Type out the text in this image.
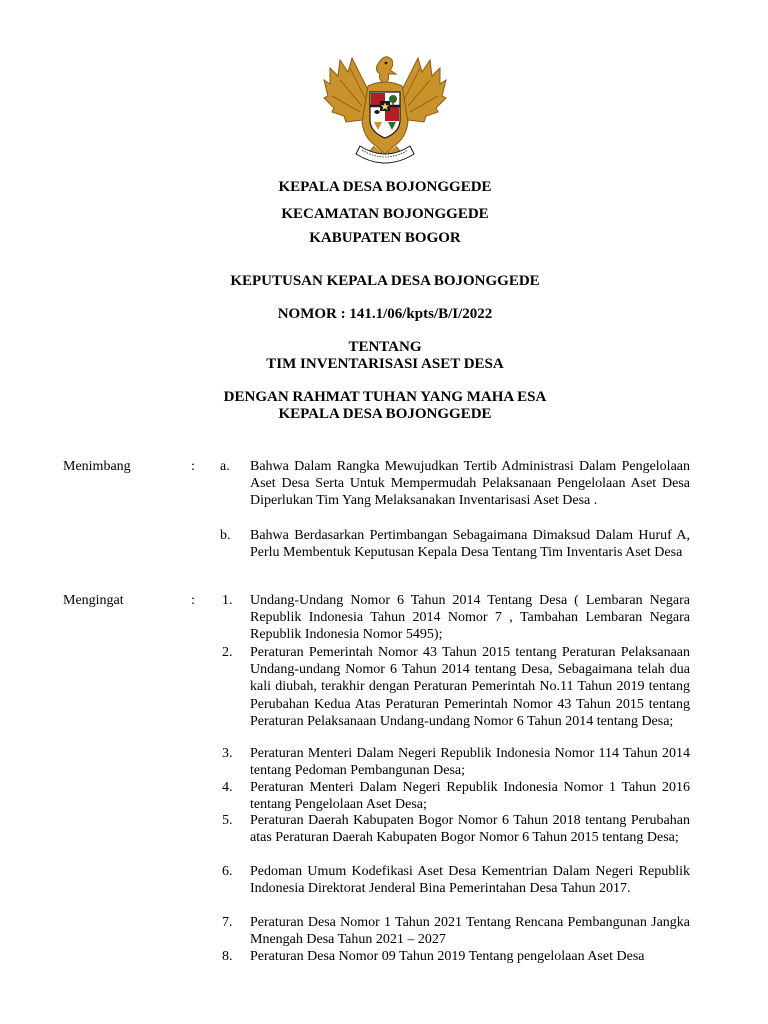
KEPALA DESA BOJONGGEDE
KECAMATAN BOJONGGEDE
KABUPATEN BOGOR
KEPUTUSAN KEPALA DESA BOJONGGEDE
NOMOR : 141.1/06/kpts/B/I/2022
TENTANG
TIM INVENTARISASI ASET DESA
DENGAN RAHMAT TUHAN YANG MAHA ESA
KEPALA DESA BOJONGGEDE
Menimbang	: a. Bahwa Dalam Rangka Mewujudkan Tertib Administrasi Dalam Pengelolaan Aset Desa Serta Untuk Mempermudah Pelaksanaan Pengelolaan Aset Desa Diperlukan Tim Yang Melaksanakan Inventarisasi Aset Desa .
b. Bahwa Berdasarkan Pertimbangan Sebagaimana Dimaksud Dalam Huruf A, Perlu Membentuk Keputusan Kepala Desa Tentang Tim Inventaris Aset Desa
Mengingat	: 1. Undang-Undang Nomor 6 Tahun 2014 Tentang Desa ( Lembaran Negara Republik Indonesia Tahun 2014 Nomor 7 , Tambahan Lembaran Negara Republik Indonesia Nomor 5495);
2. Peraturan Pemerintah Nomor 43 Tahun 2015 tentang Peraturan Pelaksanaan Undang-undang Nomor 6 Tahun 2014 tentang Desa, Sebagaimana telah dua kali diubah, terakhir dengan Peraturan Pemerintah No.11 Tahun 2019 tentang Perubahan Kedua Atas Peraturan Pemerintah Nomor 43 Tahun 2015 tentang Peraturan Pelaksanaan Undang-undang Nomor 6 Tahun 2014 tentang Desa;
3. Peraturan Menteri Dalam Negeri Republik Indonesia Nomor 114 Tahun 2014 tentang Pedoman Pembangunan Desa;
4. Peraturan Menteri Dalam Negeri Republik Indonesia Nomor 1 Tahun 2016 tentang Pengelolaan Aset Desa;
5. Peraturan Daerah Kabupaten Bogor Nomor 6 Tahun 2018 tentang Perubahan atas Peraturan Daerah Kabupaten Bogor Nomor 6 Tahun 2015 tentang Desa;
6. Pedoman Umum Kodefikasi Aset Desa Kementrian Dalam Negeri Republik Indonesia Direktorat Jenderal Bina Pemerintahan Desa Tahun 2017.
7. Peraturan Desa Nomor 1 Tahun 2021 Tentang Rencana Pembangunan Jangka Mnengah Desa Tahun 2021 – 2027
8. Peraturan Desa Nomor 09 Tahun 2019 Tentang pengelolaan Aset Desa
